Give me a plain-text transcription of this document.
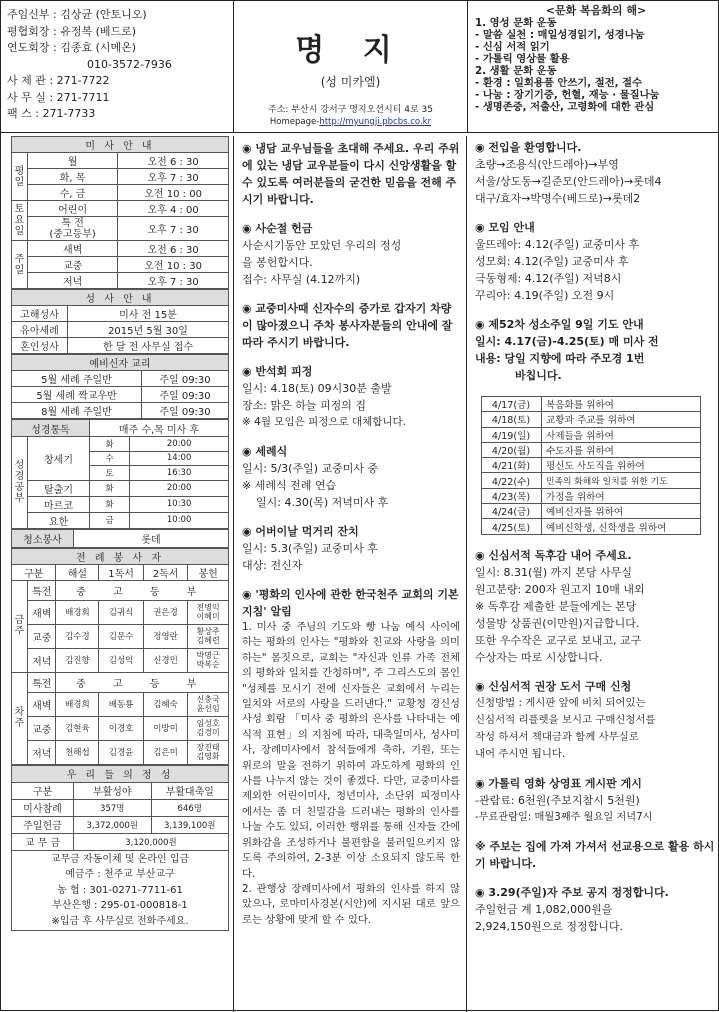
주임신부 : 김상균 (안토니오)
평협회장 : 유정복 (베드로)
연도회장 : 김종효 (시메온)
010-3572-7936
사 제 관 : 271-7722
사 무 실 : 271-7711
팩 스 : 271-7733
명 지
(성 미카엘)
주소: 부산시 강서구 명지오션시티 4로 35
Homepage-http://myungji.pbcbs.co.kr
<문화 복음화의 해>
1. 영성 문화 운동
- 말씀 실천 : 매일성경읽기, 성경나눔
- 신심 서적 읽기
- 가톨릭 영상물 활용
2. 생활 문화 운동
- 환경 : 일회용품 안쓰기, 절전, 절수
- 나눔 : 장기기증, 헌혈, 재능 · 물질나눔
- 생명존중, 저출산, 고령화에 대한 관심
미 사 안 내		
평일	월	오전 6 : 30
	화, 목	오후 7 : 30
	수, 금	오전 10 : 00
토요일	어린이	오후 4 : 00
	특 전
(중고등부)	오후 7 : 30
주일	새벽	오전 6 : 30
	교중	오전 10 : 30
	저녁	오후 7 : 30
성 사 안 내	
고해성사	미사 전 15분
유아세례	2015년 5월 30일
혼인성사	한 달 전 사무실 접수
예비신자 교리	
5월 세례 주일반	주일 09:30
5월 세례 짝교우반	주일 09:30
8월 세례 주일반	주일 09:30
성경통독		매주 수,목 미사 후	
성경공부	창세기	화	20:00
		수	14:00
		토	16:30
	탈출기	화	20:00
	마르코	화	10:30
	요한	금	10:00
청소봉사	롯데
전 례 봉 사 자					
구분		해설	1독서	2독서	봉헌
금주	특전	중 고 등 부			
	새벽	배경희	김귀식	권은경	전병익
이혜미
	교중	김수경	김문수	정영란	황상주
김혜련
	저녁	김진향	김성익	신경민	박명근
박복순
차주	특전	중 고 등 부			
	새벽	배경희	배동룡	김혜숙	신충국
윤선임
	교중	김현육	이경호	이방미	임성호
김경미
	저녁	천해섭	김경윤	김은미	장진태
김영화
우 리 들 의 정 성		
구분	부활성야	부활대축일
미사참례	357명	646명
주일헌금	3,372,000원	3,139,100원
교 무 금	3,120,000원	
교무금 자동이체 및 온라인 입금
예금주 : 천주교 부산교구
농 협 : 301-0271-7711-61
부산은행 : 295-01-000818-1
※입금 후 사무실로 전화주세요.
◉ 냉담 교우님들을 초대해 주세요. 우리 주위에 있는 냉담 교우분들이 다시 신앙생활을 할 수 있도록 여러분들의 굳건한 믿음을 전해 주시기 바랍니다.
◉ 사순절 헌금
사순시기동안 모았던 우리의 정성
을 봉헌합시다.
접수: 사무실 (4.12까지)
◉ 교중미사때 신자수의 증가로 갑자기 차량이 많아졌으니 주차 봉사자분들의 안내에 잘 따라 주시기 바랍니다.
◉ 반석회 피정
일시: 4.18(토) 09시30분 출발
장소: 맑은 하늘 피정의 집
※ 4월 모임은 피정으로 대체합니다.
◉ 세례식
일시: 5/3(주일) 교중미사 중
※ 세례식 전례 연습
일시: 4.30(목) 저녁미사 후
◉ 어버이날 먹거리 잔치
일시: 5.3(주일) 교중미사 후
대상: 전신자
◉ '평화의 인사에 관한 한국천주 교회의 기본지침' 알림
1. 미사 중 주님의 기도와 빵 나눔 예식 사이에 하는 평화의 인사는 "평화와 친교와 사랑을 의미하는" 몸짓으로, 교회는 "자신과 인류 가족 전체의 평화와 일치를 간청하며", 주 그리스도의 몸인 "성체를 모시기 전에 신자들은 교회에서 누리는 일치와 서로의 사랑을 드러낸다." 교황청 경신성사성 회람 「미사 중 평화의 은사를 나타내는 예식적 표현」의 지침에 따라, 대축일미사, 성사미사, 장례미사에서 참석들에게 축하, 기원, 또는 위로의 말을 전하기 위하여 과도하게 평화의 인사를 나누지 않는 것이 좋겠다. 다만, 교중미사를 제외한 어린이미사, 청년미사, 소단위 피정미사에서는 좀 더 친밀감을 드러내는 평화의 인사를 나눌 수도 있되, 이러한 행위를 통해 신자들 간에 위화감을 조성하거나 불편함을 불러일으키지 않도록 주의하여, 2-3분 이상 소요되지 않도록 한다.
2. 관행상 장례미사에서 평화의 인사를 하지 않았으나, 로마미사경본(시안)에 지시된 대로 앞으로는 상황에 맞게 할 수 있다.
◉ 전입을 환영합니다.
초량→조용식(안드레아)→부영
서울/상도동→길준모(안드레아)→롯데4
대구/효자→박명수(베드로)→롯데2
◉ 모임 안내
울뜨레아: 4.12(주일) 교중미사 후
성모회: 4.12(주일) 교중미사 후
극동형제: 4.12(주일) 저녁8시
꾸리아: 4.19(주일) 오전 9시
◉ 제52차 성소주일 9일 기도 안내
일시: 4.17(금)-4.25(토) 매 미사 전
내용: 당일 지향에 따라 주모경 1번
바칩니다.
4/17(금)	복음화를 위하여
4/18(토)	교황과 주교를 위하여
4/19(일)	사제들을 위하여
4/20(월)	수도자를 위하여
4/21(화)	평신도 사도직을 위하여
4/22(수)	민족의 화해와 일치를 위한 기도
4/23(목)	가정을 위하여
4/24(금)	예비신자를 위하여
4/25(토)	예비신학생, 신학생을 위하여
◉ 신심서적 독후감 내어 주세요.
일시: 8.31(월) 까지 본당 사무실
원고분량: 200자 원고지 10매 내외
※ 독후감 제출한 분들에게는 본당
성물방 상품권(이만원)지급합니다.
또한 우수작은 교구로 보내고, 교구
수상자는 따로 시상합니다.
◉ 신심서적 권장 도서 구매 신청
신청방법 : 게시판 앞에 비치 되어있는
신심서적 리플렛을 보시고 구매신청서를
작성 하셔서 책대금과 함께 사무실로
내어 주시면 됩니다.
◉ 가톨릭 영화 상영표 게시판 게시
-관람료: 6천원(주보지참시 5천원)
-무료관람일: 매월3째주 월요일 저녁7시
※ 주보는 집에 가져 가셔서 선교용으로 활용 하시기 바랍니다.
◉ 3.29(주일)자 주보 공지 정정합니다.
주일헌금 계 1,082,000원을
2,924,150원으로 정정합니다.
